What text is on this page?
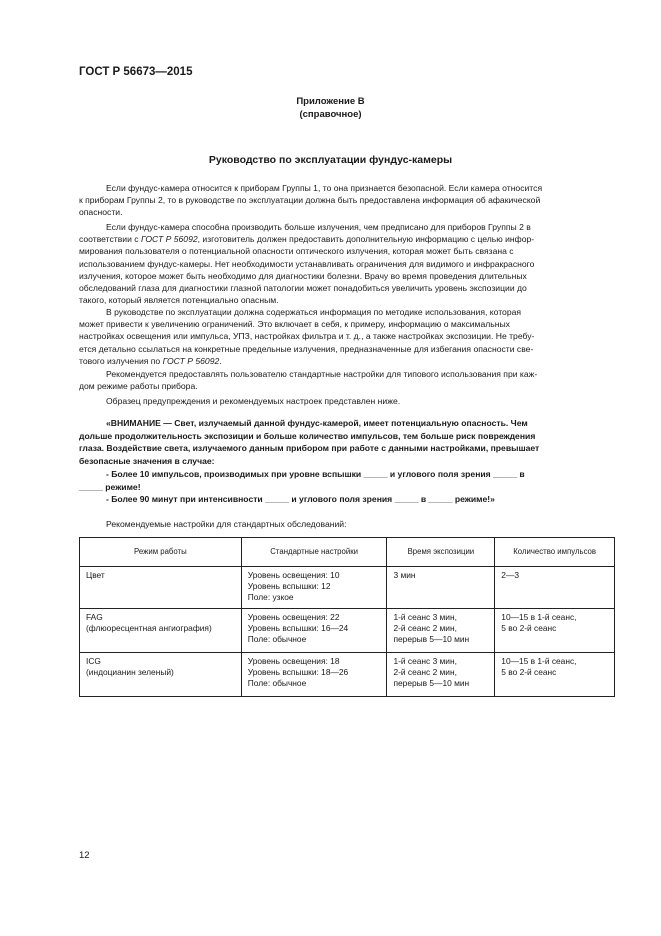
ГОСТ Р 56673—2015
Приложение В
(справочное)
Руководство по эксплуатации фундус-камеры
Если фундус-камера относится к приборам Группы 1, то она признается безопасной. Если камера относится
к приборам Группы 2, то в руководстве по эксплуатации должна быть предоставлена информация об афакической
опасности.
Если фундус-камера способна производить больше излучения, чем предписано для приборов Группы 2 в
соответствии с ГОСТ Р 56092, изготовитель должен предоставить дополнительную информацию с целью инфор-
мирования пользователя о потенциальной опасности оптического излучения, которая может быть связана с
использованием фундус-камеры. Нет необходимости устанавливать ограничения для видимого и инфракрасного
излучения, которое может быть необходимо для диагностики болезни. Врачу во время проведения длительных
обследований глаза для диагностики глазной патологии может понадобиться увеличить уровень экспозиции до
такого, который является потенциально опасным.
В руководстве по эксплуатации должна содержаться информация по методике использования, которая
может привести к увеличению ограничений. Это включает в себя, к примеру, информацию о максимальных
настройках освещения или импульса, УПЗ, настройках фильтра и т. д., а также настройках экспозиции. Не требу-
ется детально ссылаться на конкретные предельные излучения, предназначенные для избегания опасности све-
тового излучения по ГОСТ Р 56092.
Рекомендуется предоставлять пользователю стандартные настройки для типового использования при каж-
дом режиме работы прибора.
Образец предупреждения и рекомендуемых настроек представлен ниже.
«ВНИМАНИЕ — Свет, излучаемый данной фундус-камерой, имеет потенциальную опасность. Чем
дольше продолжительность экспозиции и больше количество импульсов, тем больше риск повреждения
глаза. Воздействие света, излучаемого данным прибором при работе с данными настройками, превышает
безопасные значения в случае:
- Более 10 импульсов, производимых при уровне вспышки _____ и углового поля зрения _____ в
_____ режиме!
- Более 90 минут при интенсивности _____ и углового поля зрения _____ в _____ режиме!»
Рекомендуемые настройки для стандартных обследований:
Режим работы	Стандартные настройки	Время экспозиции	Количество импульсов

Цвет	Уровень освещения: 10
Уровень вспышки: 12
Поле: узкое	3 мин	2—3

FAG
(флюоресцентная ангиография)	Уровень освещения: 22
Уровень вспышки: 16—24
Поле: обычное	1-й сеанс 3 мин,
2-й сеанс 2 мин,
перерыв 5—10 мин	10—15 в 1-й сеанс,
5 во 2-й сеанс

ICG
(индоцианин зеленый)	Уровень освещения: 18
Уровень вспышки: 18—26
Поле: обычное	1-й сеанс 3 мин,
2-й сеанс 2 мин,
перерыв 5—10 мин	10—15 в 1-й сеанс,
5 во 2-й сеанс
12
